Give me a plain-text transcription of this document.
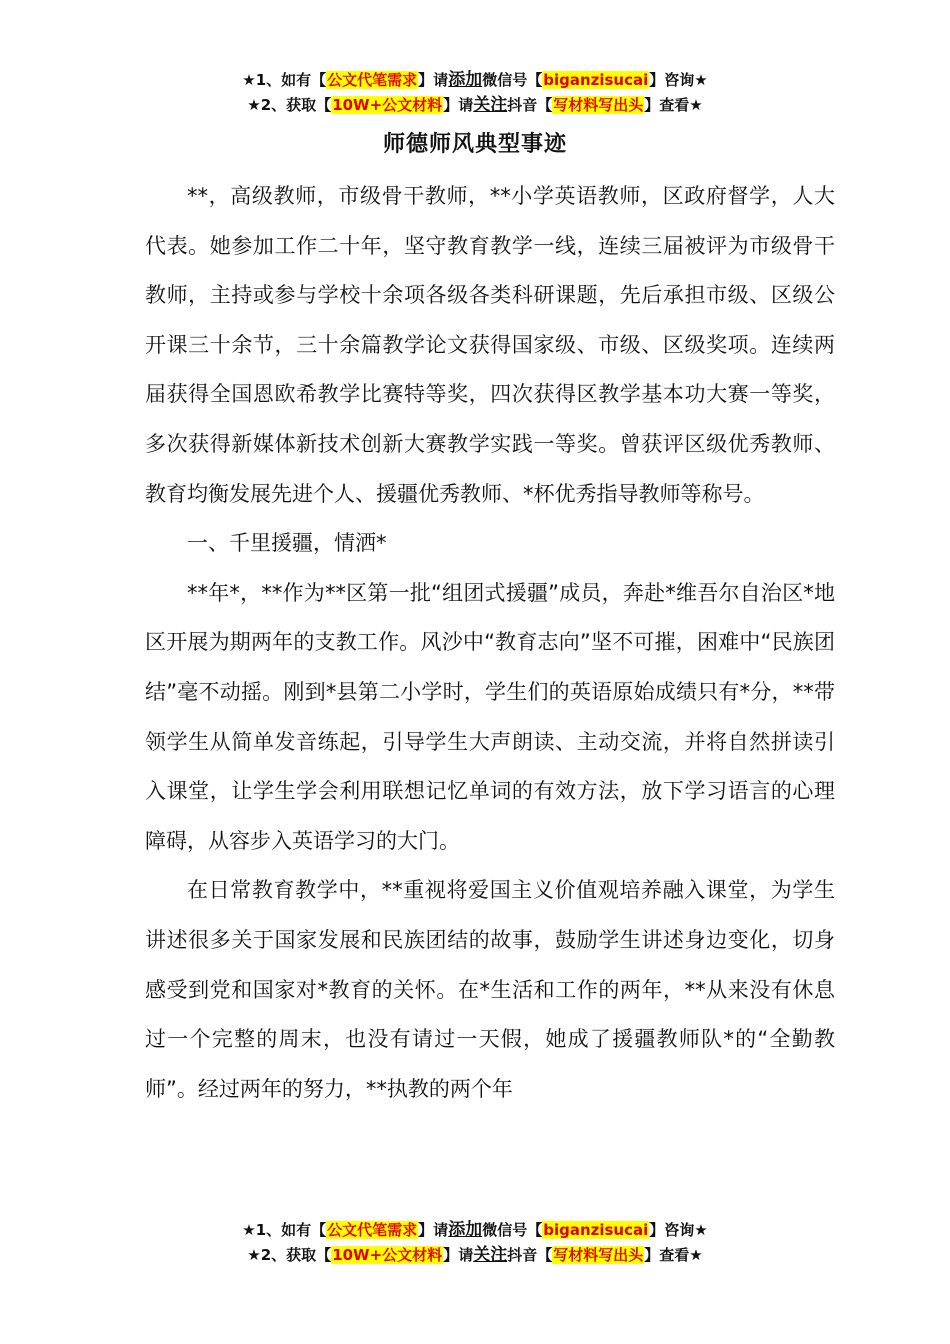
★1、如有【公文代笔需求】请添加微信号【biganzisucai】咨询★
★2、获取【10W+公文材料】请关注抖音【写材料写出头】查看★
师德师风典型事迹

**，高级教师，市级骨干教师，**小学英语教师，区政府督学，人大代表。她参加工作二十年，坚守教育教学一线，连续三届被评为市级骨干教师，主持或参与学校十余项各级各类科研课题，先后承担市级、区级公开课三十余节，三十余篇教学论文获得国家级、市级、区级奖项。连续两届获得全国恩欧希教学比赛特等奖，四次获得区教学基本功大赛一等奖，多次获得新媒体新技术创新大赛教学实践一等奖。曾获评区级优秀教师、教育均衡发展先进个人、援疆优秀教师、*杯优秀指导教师等称号。

一、千里援疆，情洒*

**年*，**作为**区第一批“组团式援疆”成员，奔赴*维吾尔自治区*地区开展为期两年的支教工作。风沙中“教育志向”坚不可摧，困难中“民族团结”毫不动摇。刚到*县第二小学时，学生们的英语原始成绩只有*分，**带领学生从简单发音练起，引导学生大声朗读、主动交流，并将自然拼读引入课堂，让学生学会利用联想记忆单词的有效方法，放下学习语言的心理障碍，从容步入英语学习的大门。

在日常教育教学中，**重视将爱国主义价值观培养融入课堂，为学生讲述很多关于国家发展和民族团结的故事，鼓励学生讲述身边变化，切身感受到党和国家对*教育的关怀。在*生活和工作的两年，**从来没有休息过一个完整的周末，也没有请过一天假，她成了援疆教师队*的“全勤教师”。经过两年的努力，**执教的两个年

★1、如有【公文代笔需求】请添加微信号【biganzisucai】咨询★
★2、获取【10W+公文材料】请关注抖音【写材料写出头】查看★
